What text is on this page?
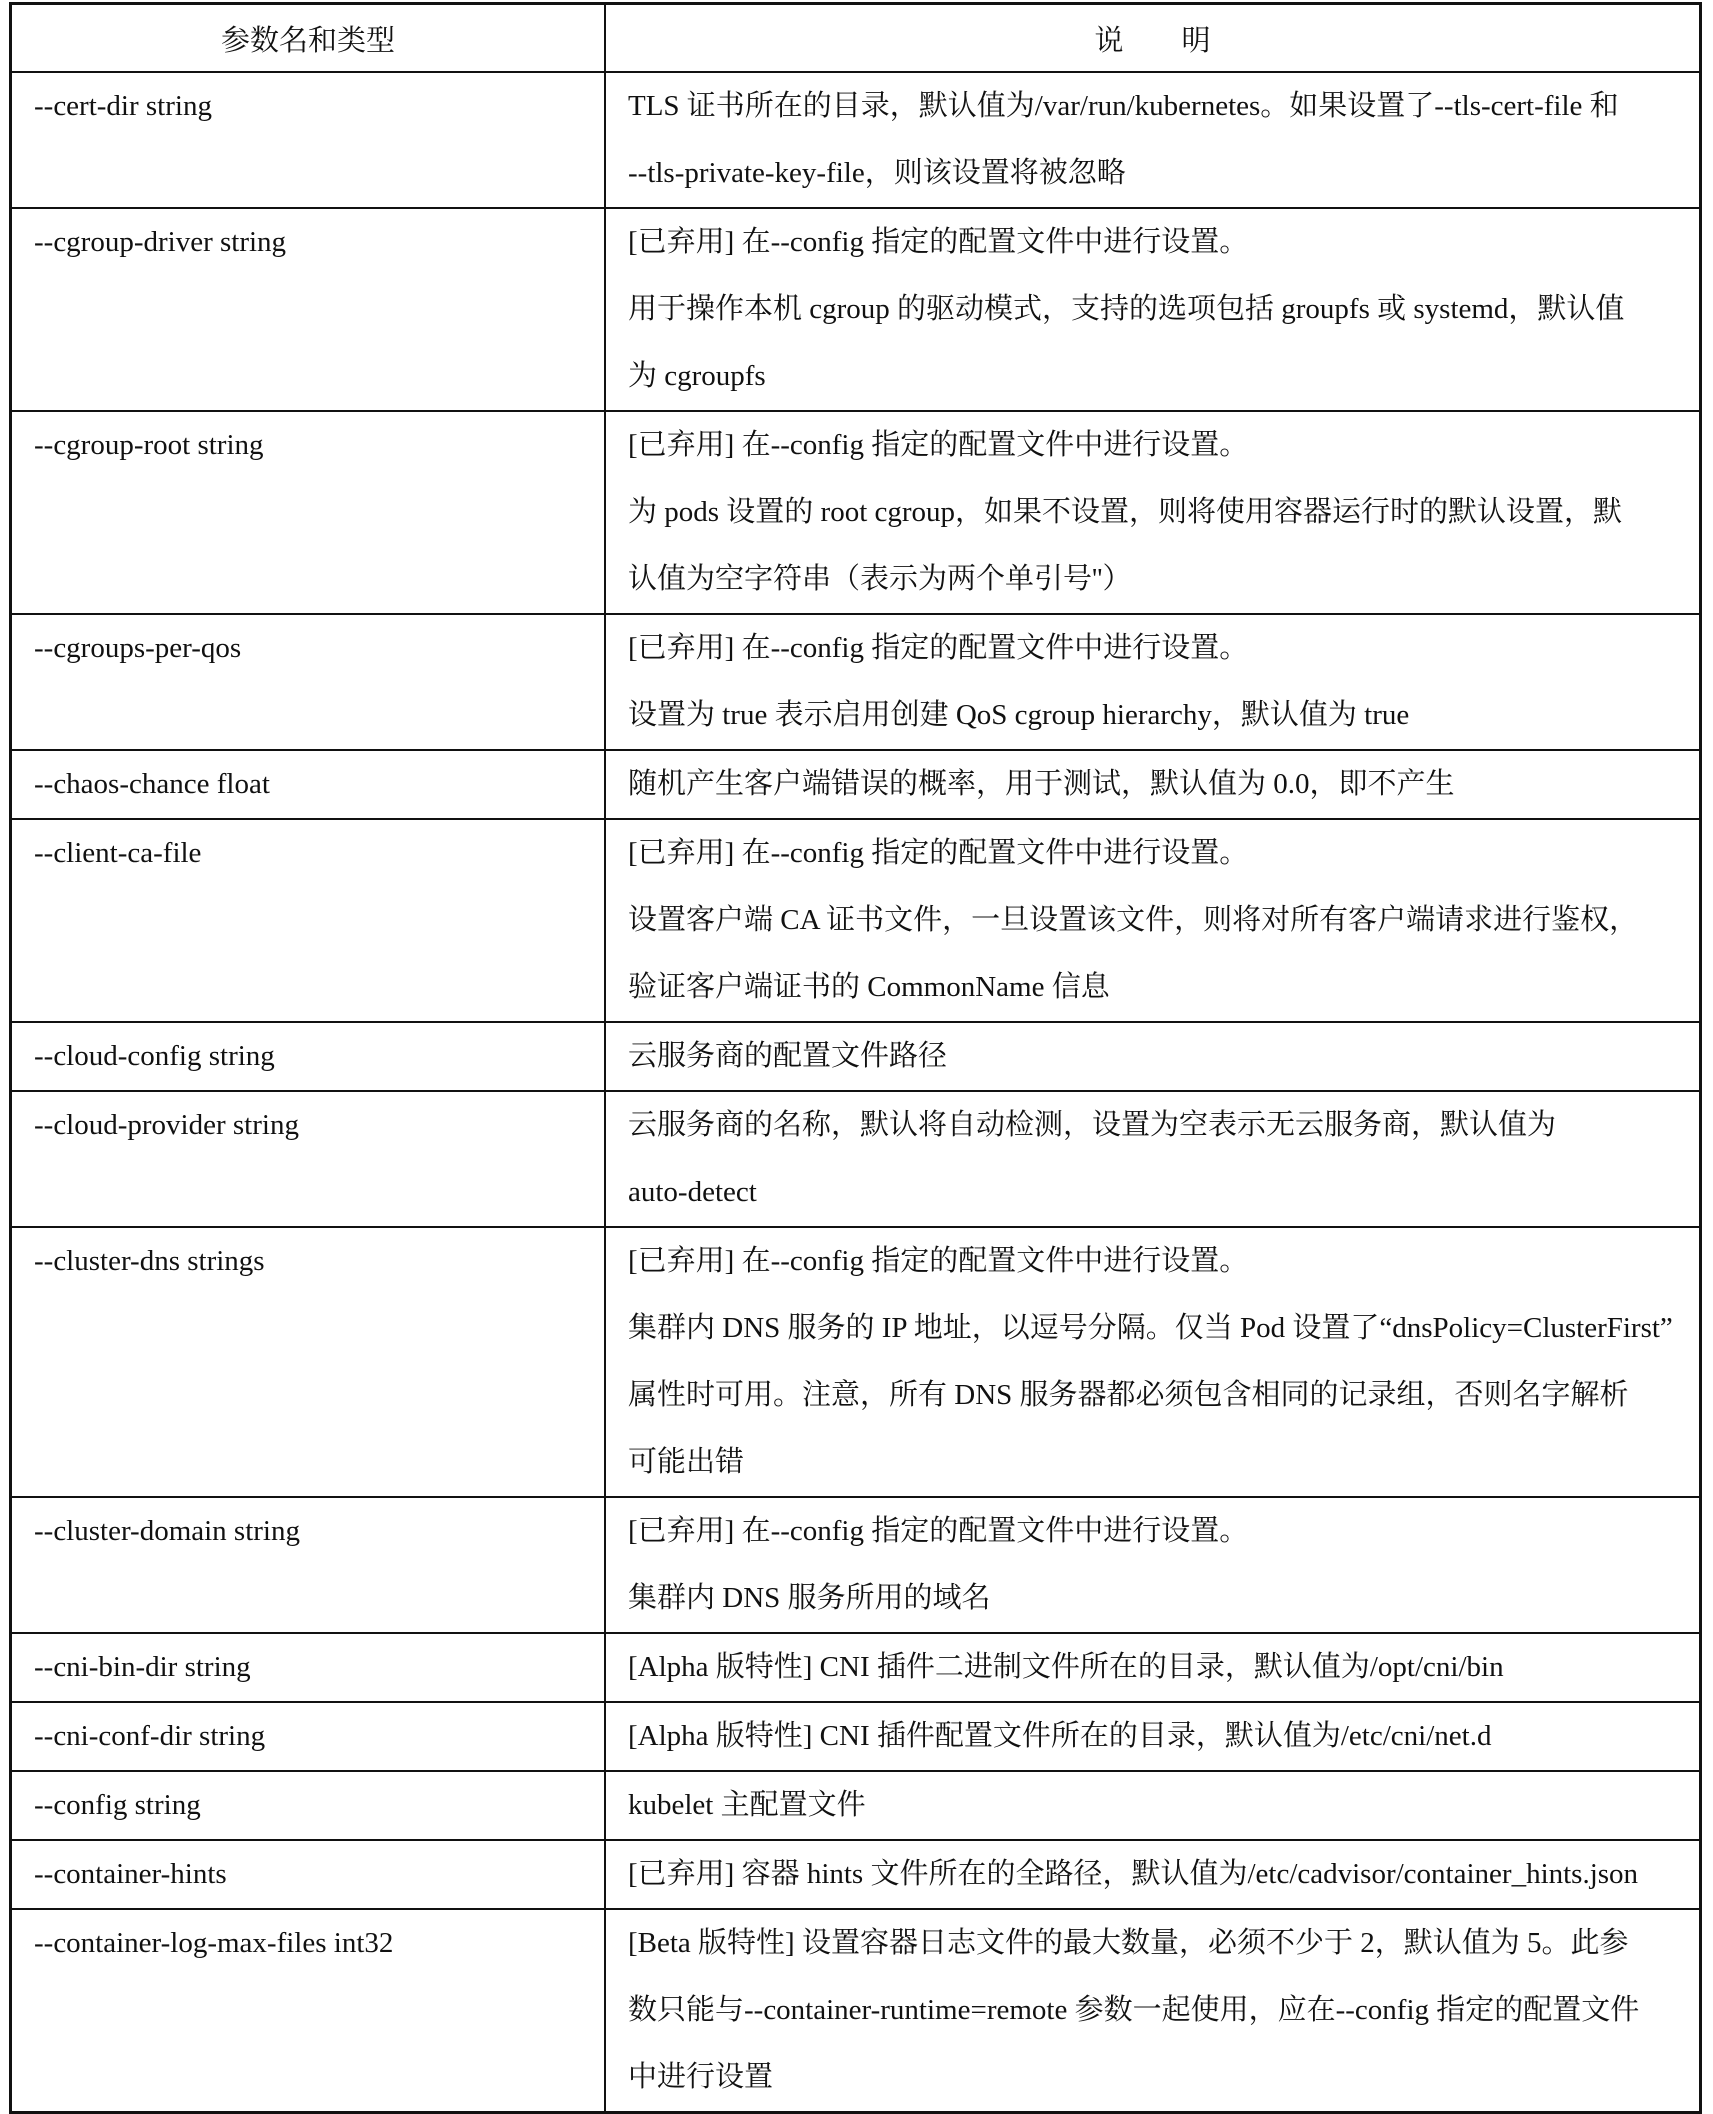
参数名和类型	说　　明

--cert-dir string	TLS 证书所在的目录，默认值为/var/run/kubernetes。如果设置了--tls-cert-file 和
--tls-private-key-file，则该设置将被忽略

--cgroup-driver string	[已弃用] 在--config 指定的配置文件中进行设置。
用于操作本机 cgroup 的驱动模式，支持的选项包括 groupfs 或 systemd，默认值
为 cgroupfs

--cgroup-root string	[已弃用] 在--config 指定的配置文件中进行设置。
为 pods 设置的 root cgroup，如果不设置，则将使用容器运行时的默认设置，默
认值为空字符串（表示为两个单引号''）

--cgroups-per-qos	[已弃用] 在--config 指定的配置文件中进行设置。
设置为 true 表示启用创建 QoS cgroup hierarchy，默认值为 true

--chaos-chance float	随机产生客户端错误的概率，用于测试，默认值为 0.0，即不产生

--client-ca-file	[已弃用] 在--config 指定的配置文件中进行设置。
设置客户端 CA 证书文件，一旦设置该文件，则将对所有客户端请求进行鉴权，
验证客户端证书的 CommonName 信息

--cloud-config string	云服务商的配置文件路径

--cloud-provider string	云服务商的名称，默认将自动检测，设置为空表示无云服务商，默认值为
auto-detect

--cluster-dns strings	[已弃用] 在--config 指定的配置文件中进行设置。
集群内 DNS 服务的 IP 地址，以逗号分隔。仅当 Pod 设置了“dnsPolicy=ClusterFirst”
属性时可用。注意，所有 DNS 服务器都必须包含相同的记录组，否则名字解析
可能出错

--cluster-domain string	[已弃用] 在--config 指定的配置文件中进行设置。
集群内 DNS 服务所用的域名

--cni-bin-dir string	[Alpha 版特性] CNI 插件二进制文件所在的目录，默认值为/opt/cni/bin

--cni-conf-dir string	[Alpha 版特性] CNI 插件配置文件所在的目录，默认值为/etc/cni/net.d

--config string	kubelet 主配置文件

--container-hints	[已弃用] 容器 hints 文件所在的全路径，默认值为/etc/cadvisor/container_hints.json

--container-log-max-files int32	[Beta 版特性] 设置容器日志文件的最大数量，必须不少于 2，默认值为 5。此参
数只能与--container-runtime=remote 参数一起使用，应在--config 指定的配置文件
中进行设置
